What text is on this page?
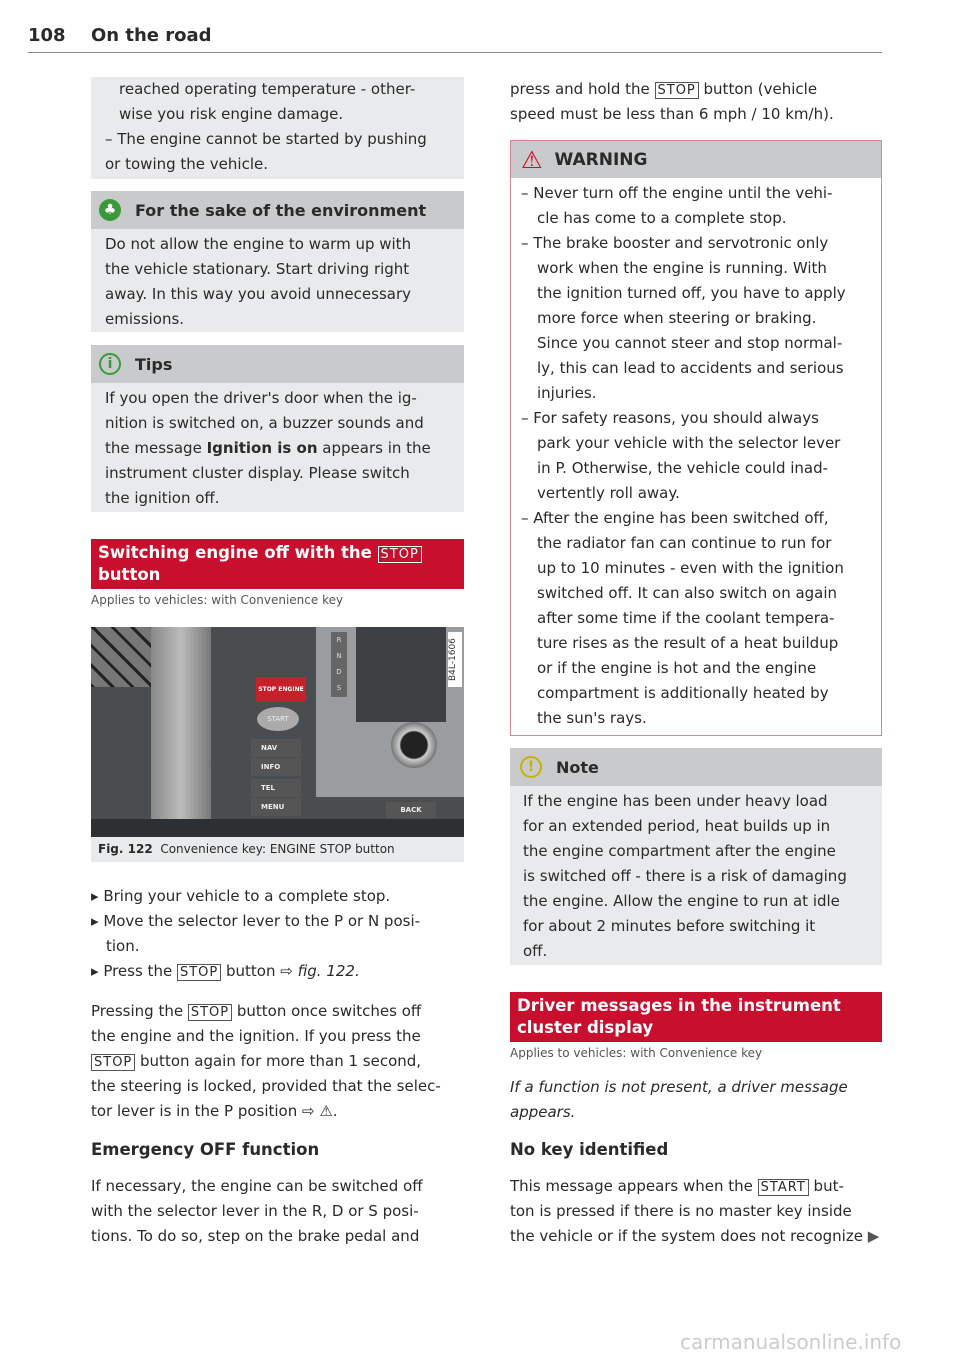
108 On the road
reached operating temperature - other-
wise you risk engine damage.
– The engine cannot be started by pushing
or towing the vehicle.
♣ For the sake of the environment
Do not allow the engine to warm up with
the vehicle stationary. Start driving right
away. In this way you avoid unnecessary
emissions.
i	Tips
If you open the driver's door when the ig-
nition is switched on, a buzzer sounds and
the message Ignition is on appears in the
instrument cluster display. Please switch
the ignition off.
Switching engine off with the STOP
button
Applies to vehicles: with Convenience key
R
N
D
S
B4L-1606
STOP ENGINE
START
NAV
INFO
TEL
MENU	BACK
Fig. 122 Convenience key: ENGINE STOP button
▸ Bring your vehicle to a complete stop.
▸ Move the selector lever to the P or N posi-
tion.
▸ Press the STOP button ⇨ fig. 122.
Pressing the STOP button once switches off
the engine and the ignition. If you press the
STOP button again for more than 1 second,
the steering is locked, provided that the selec-
tor lever is in the P position ⇨ ⚠.
Emergency OFF function
If necessary, the engine can be switched off
with the selector lever in the R, D or S posi-
tions. To do so, step on the brake pedal and
press and hold the STOP button (vehicle
speed must be less than 6 mph / 10 km/h).
⚠ WARNING
– Never turn off the engine until the vehi-
cle has come to a complete stop.
– The brake booster and servotronic only
work when the engine is running. With
the ignition turned off, you have to apply
more force when steering or braking.
Since you cannot steer and stop normal-
ly, this can lead to accidents and serious
injuries.
– For safety reasons, you should always
park your vehicle with the selector lever
in P. Otherwise, the vehicle could inad-
vertently roll away.
– After the engine has been switched off,
the radiator fan can continue to run for
up to 10 minutes - even with the ignition
switched off. It can also switch on again
after some time if the coolant tempera-
ture rises as the result of a heat buildup
or if the engine is hot and the engine
compartment is additionally heated by
the sun's rays.
!	Note
If the engine has been under heavy load
for an extended period, heat builds up in
the engine compartment after the engine
is switched off - there is a risk of damaging
the engine. Allow the engine to run at idle
for about 2 minutes before switching it
off.
Driver messages in the instrument
cluster display
Applies to vehicles: with Convenience key
If a function is not present, a driver message
appears.
No key identified
This message appears when the START but-
ton is pressed if there is no master key inside
the vehicle or if the system does not recognize ▶
carmanualsonline.info
